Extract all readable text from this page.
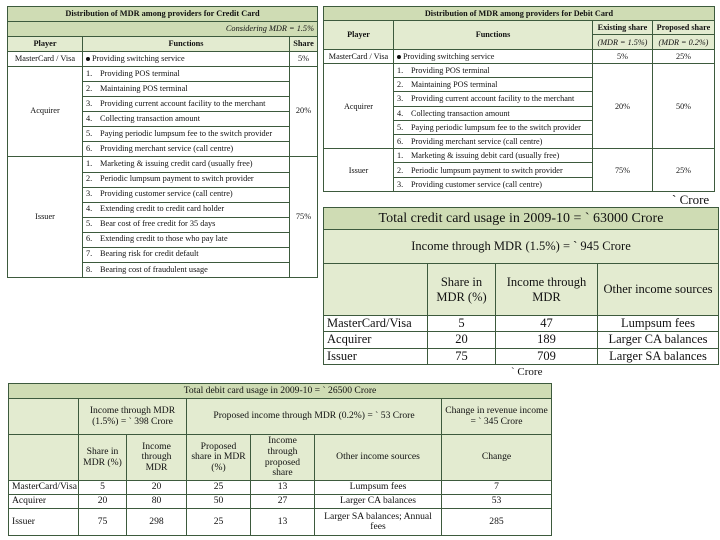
Distribution of MDR among providers for Credit Card		
Considering MDR = 1.5%		
Player	Functions	Share
MasterCard / Visa	Providing switching service	5%
Acquirer	1. Providing POS terminal	20%
	2. Maintaining POS terminal	
	3. Providing current account facility to the merchant	
	4. Collecting transaction amount	
	5. Paying periodic lumpsum fee to the switch provider	
	6. Providing merchant service (call centre)	
Issuer	1. Marketing & issuing credit card (usually free)	75%
	2. Periodic lumpsum payment to switch provider	
	3. Providing customer service (call centre)	
	4. Extending credit to credit card holder	
	5. Bear cost of free credit for 35 days	
	6. Extending credit to those who pay late	
	7. Bearing risk for credit default	
	8. Bearing cost of fraudulent usage	
Distribution of MDR among providers for Debit Card			
Player	Functions	Existing share	Proposed share
		(MDR = 1.5%)	(MDR = 0.2%)
MasterCard / Visa	Providing switching service	5%	25%
Acquirer	1. Providing POS terminal	20%	50%
	2. Maintaining POS terminal		
	3. Providing current account facility to the merchant		
	4. Collecting transaction amount		
	5. Paying periodic lumpsum fee to the switch provider		
	6. Providing merchant service (call centre)		
Issuer	1. Marketing & issuing debit card (usually free)	75%	25%
	2. Periodic lumpsum payment to switch provider		
	3. Providing customer service (call centre)		
` Crore
Total credit card usage in 2009-10 = ` 63000 Crore			
Income through MDR (1.5%) = ` 945 Crore			
	Share in MDR (%)	Income through MDR	Other income sources
MasterCard/Visa	5	47	Lumpsum fees
Acquirer	20	189	Larger CA balances
Issuer	75	709	Larger SA balances
` Crore
Total debit card usage in 2009-10 = ` 26500 Crore						
	Income through MDR (1.5%) = ` 398 Crore		Proposed income through MDR (0.2%) = ` 53 Crore			Change in revenue income = ` 345 Crore
	Share in MDR (%)	Income through MDR	Proposed share in MDR (%)	Income through proposed share	Other income sources	Change
MasterCard/Visa	5	20	25	13	Lumpsum fees	7
Acquirer	20	80	50	27	Larger CA balances	53
Issuer	75	298	25	13	Larger SA balances; Annual fees	285
